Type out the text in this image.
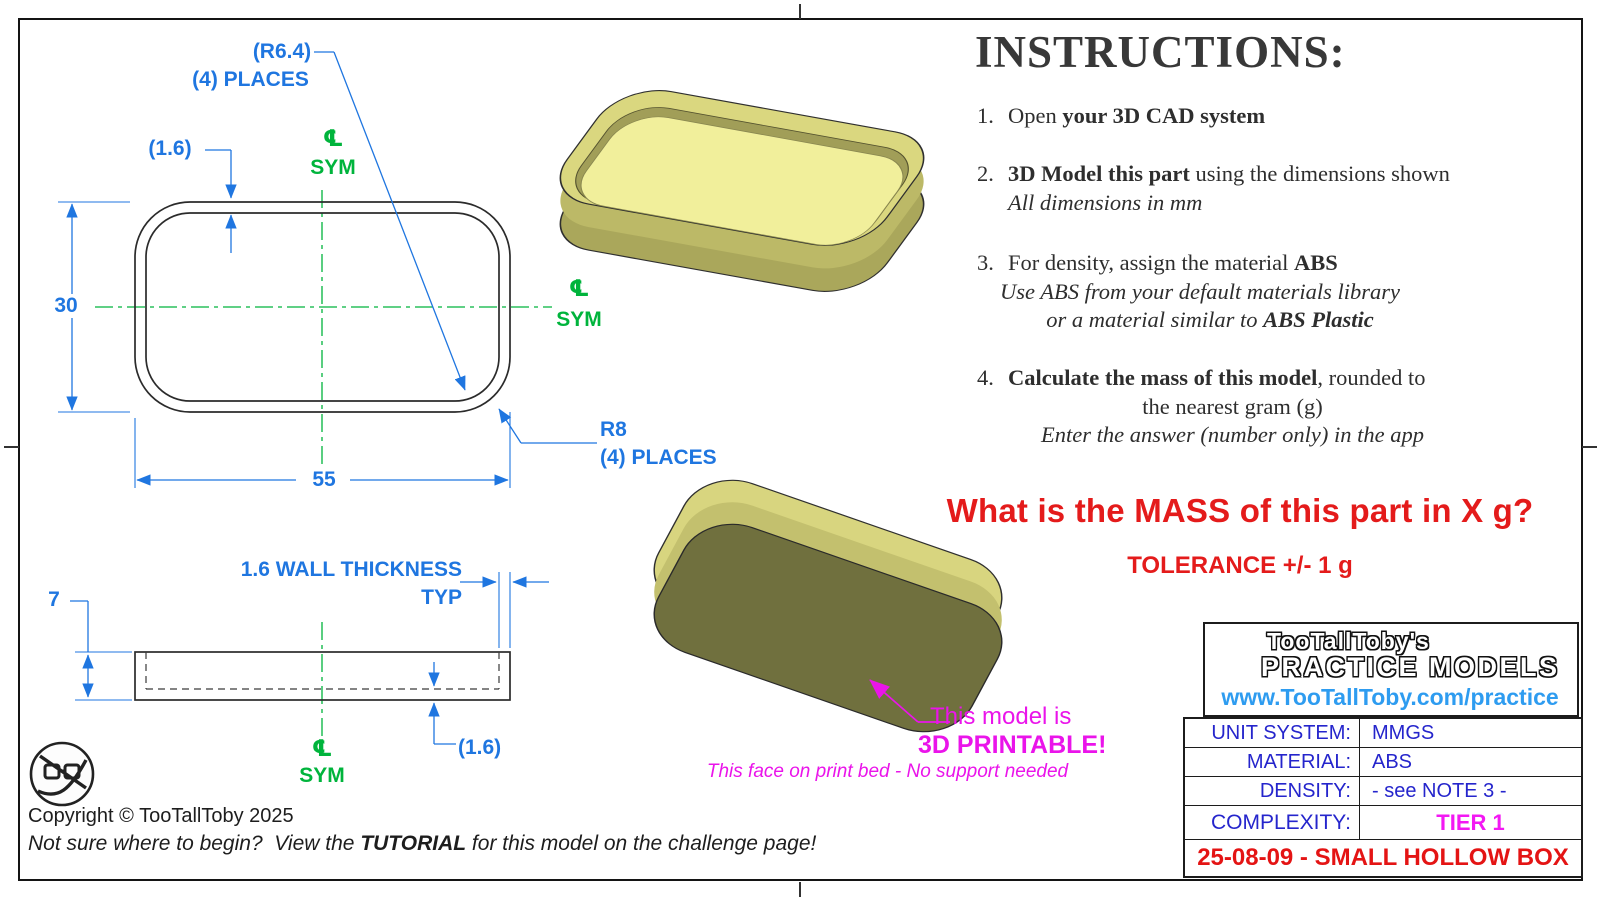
(R6.4)
(4) PLACES
(1.6)	℄
SYM
30
℄
SYM
55
R8
(4) PLACES
1.6 WALL THICKNESS
TYP
7
(1.6)
℄
SYM
INSTRUCTIONS:
1. Open your 3D CAD system
2. 3D Model this part using the dimensions shown
All dimensions in mm
3. For density, assign the material ABS
Use ABS from your default materials library
or a material similar to ABS Plastic
4. Calculate the mass of this model, rounded to
the nearest gram (g)
Enter the answer (number only) in the app
What is the MASS of this part in X g?
TOLERANCE +/- 1 g
This model is
3D PRINTABLE!
This face on print bed - No support needed
TooTallToby's
PRACTICE MODELS
www.TooTallToby.com/practice
UNIT SYSTEM:	MMGS
MATERIAL:	ABS
DENSITY:	- see NOTE 3 -
COMPLEXITY:	TIER 1
25-08-09 - SMALL HOLLOW BOX
Copyright © TooTallToby 2025
Not sure where to begin?  View the TUTORIAL for this model on the challenge page!
